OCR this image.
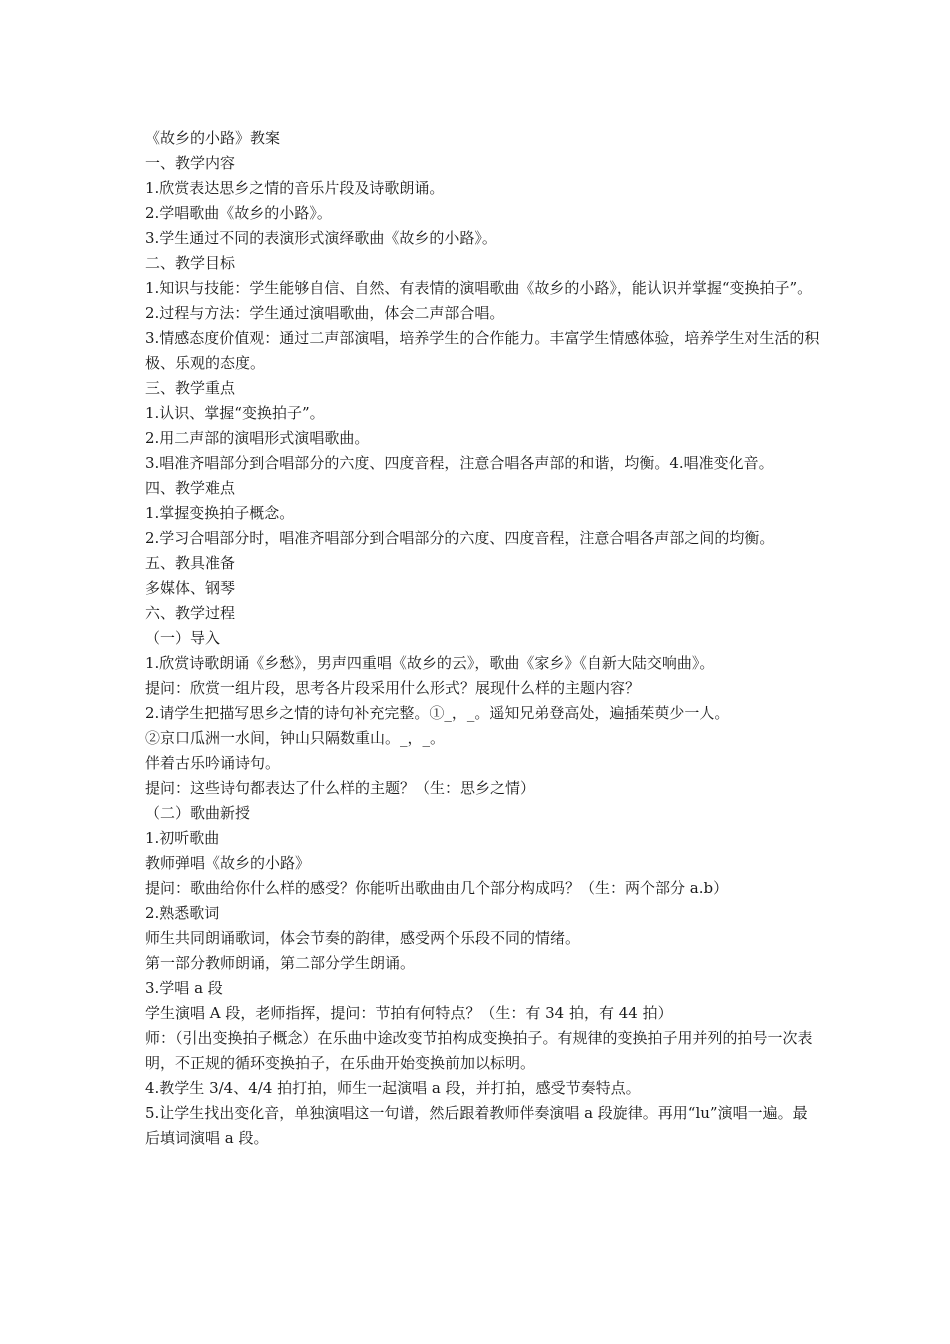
《故乡的小路》教案

一、教学内容

1.欣赏表达思乡之情的音乐片段及诗歌朗诵。

2.学唱歌曲《故乡的小路》。

3.学生通过不同的表演形式演绎歌曲《故乡的小路》。

二、教学目标

1.知识与技能：学生能够自信、自然、有表情的演唱歌曲《故乡的小路》，能认识并掌握“变换拍子”。

2.过程与方法：学生通过演唱歌曲，体会二声部合唱。

3.情感态度价值观：通过二声部演唱，培养学生的合作能力。丰富学生情感体验，培养学生对生活的积极、乐观的态度。

三、教学重点

1.认识、掌握“变换拍子”。

2.用二声部的演唱形式演唱歌曲。

3.唱准齐唱部分到合唱部分的六度、四度音程，注意合唱各声部的和谐，均衡。4.唱准变化音。

四、教学难点

1.掌握变换拍子概念。

2.学习合唱部分时，唱准齐唱部分到合唱部分的六度、四度音程，注意合唱各声部之间的均衡。

五、教具准备

多媒体、钢琴

六、教学过程

（一）导入

1.欣赏诗歌朗诵《乡愁》，男声四重唱《故乡的云》，歌曲《家乡》《自新大陆交响曲》。

提问：欣赏一组片段，思考各片段采用什么形式？展现什么样的主题内容？

2.请学生把描写思乡之情的诗句补充完整。①_，_。遥知兄弟登高处，遍插茱萸少一人。

②京口瓜洲一水间，钟山只隔数重山。_，_。

伴着古乐吟诵诗句。

提问：这些诗句都表达了什么样的主题？（生：思乡之情）

（二）歌曲新授

1.初听歌曲

教师弹唱《故乡的小路》

提问：歌曲给你什么样的感受？你能听出歌曲由几个部分构成吗？（生：两个部分 a.b）

2.熟悉歌词

师生共同朗诵歌词，体会节奏的韵律，感受两个乐段不同的情绪。

第一部分教师朗诵，第二部分学生朗诵。

3.学唱 a 段

学生演唱 A 段，老师指挥，提问：节拍有何特点？（生：有 34 拍，有 44 拍）

师：（引出变换拍子概念）在乐曲中途改变节拍构成变换拍子。有规律的变换拍子用并列的拍号一次表明，不正规的循环变换拍子，在乐曲开始变换前加以标明。

4.教学生 3/4、4/4 拍打拍，师生一起演唱 a 段，并打拍，感受节奏特点。

5.让学生找出变化音，单独演唱这一句谱，然后跟着教师伴奏演唱 a 段旋律。再用“lu”演唱一遍。最后填词演唱 a 段。
